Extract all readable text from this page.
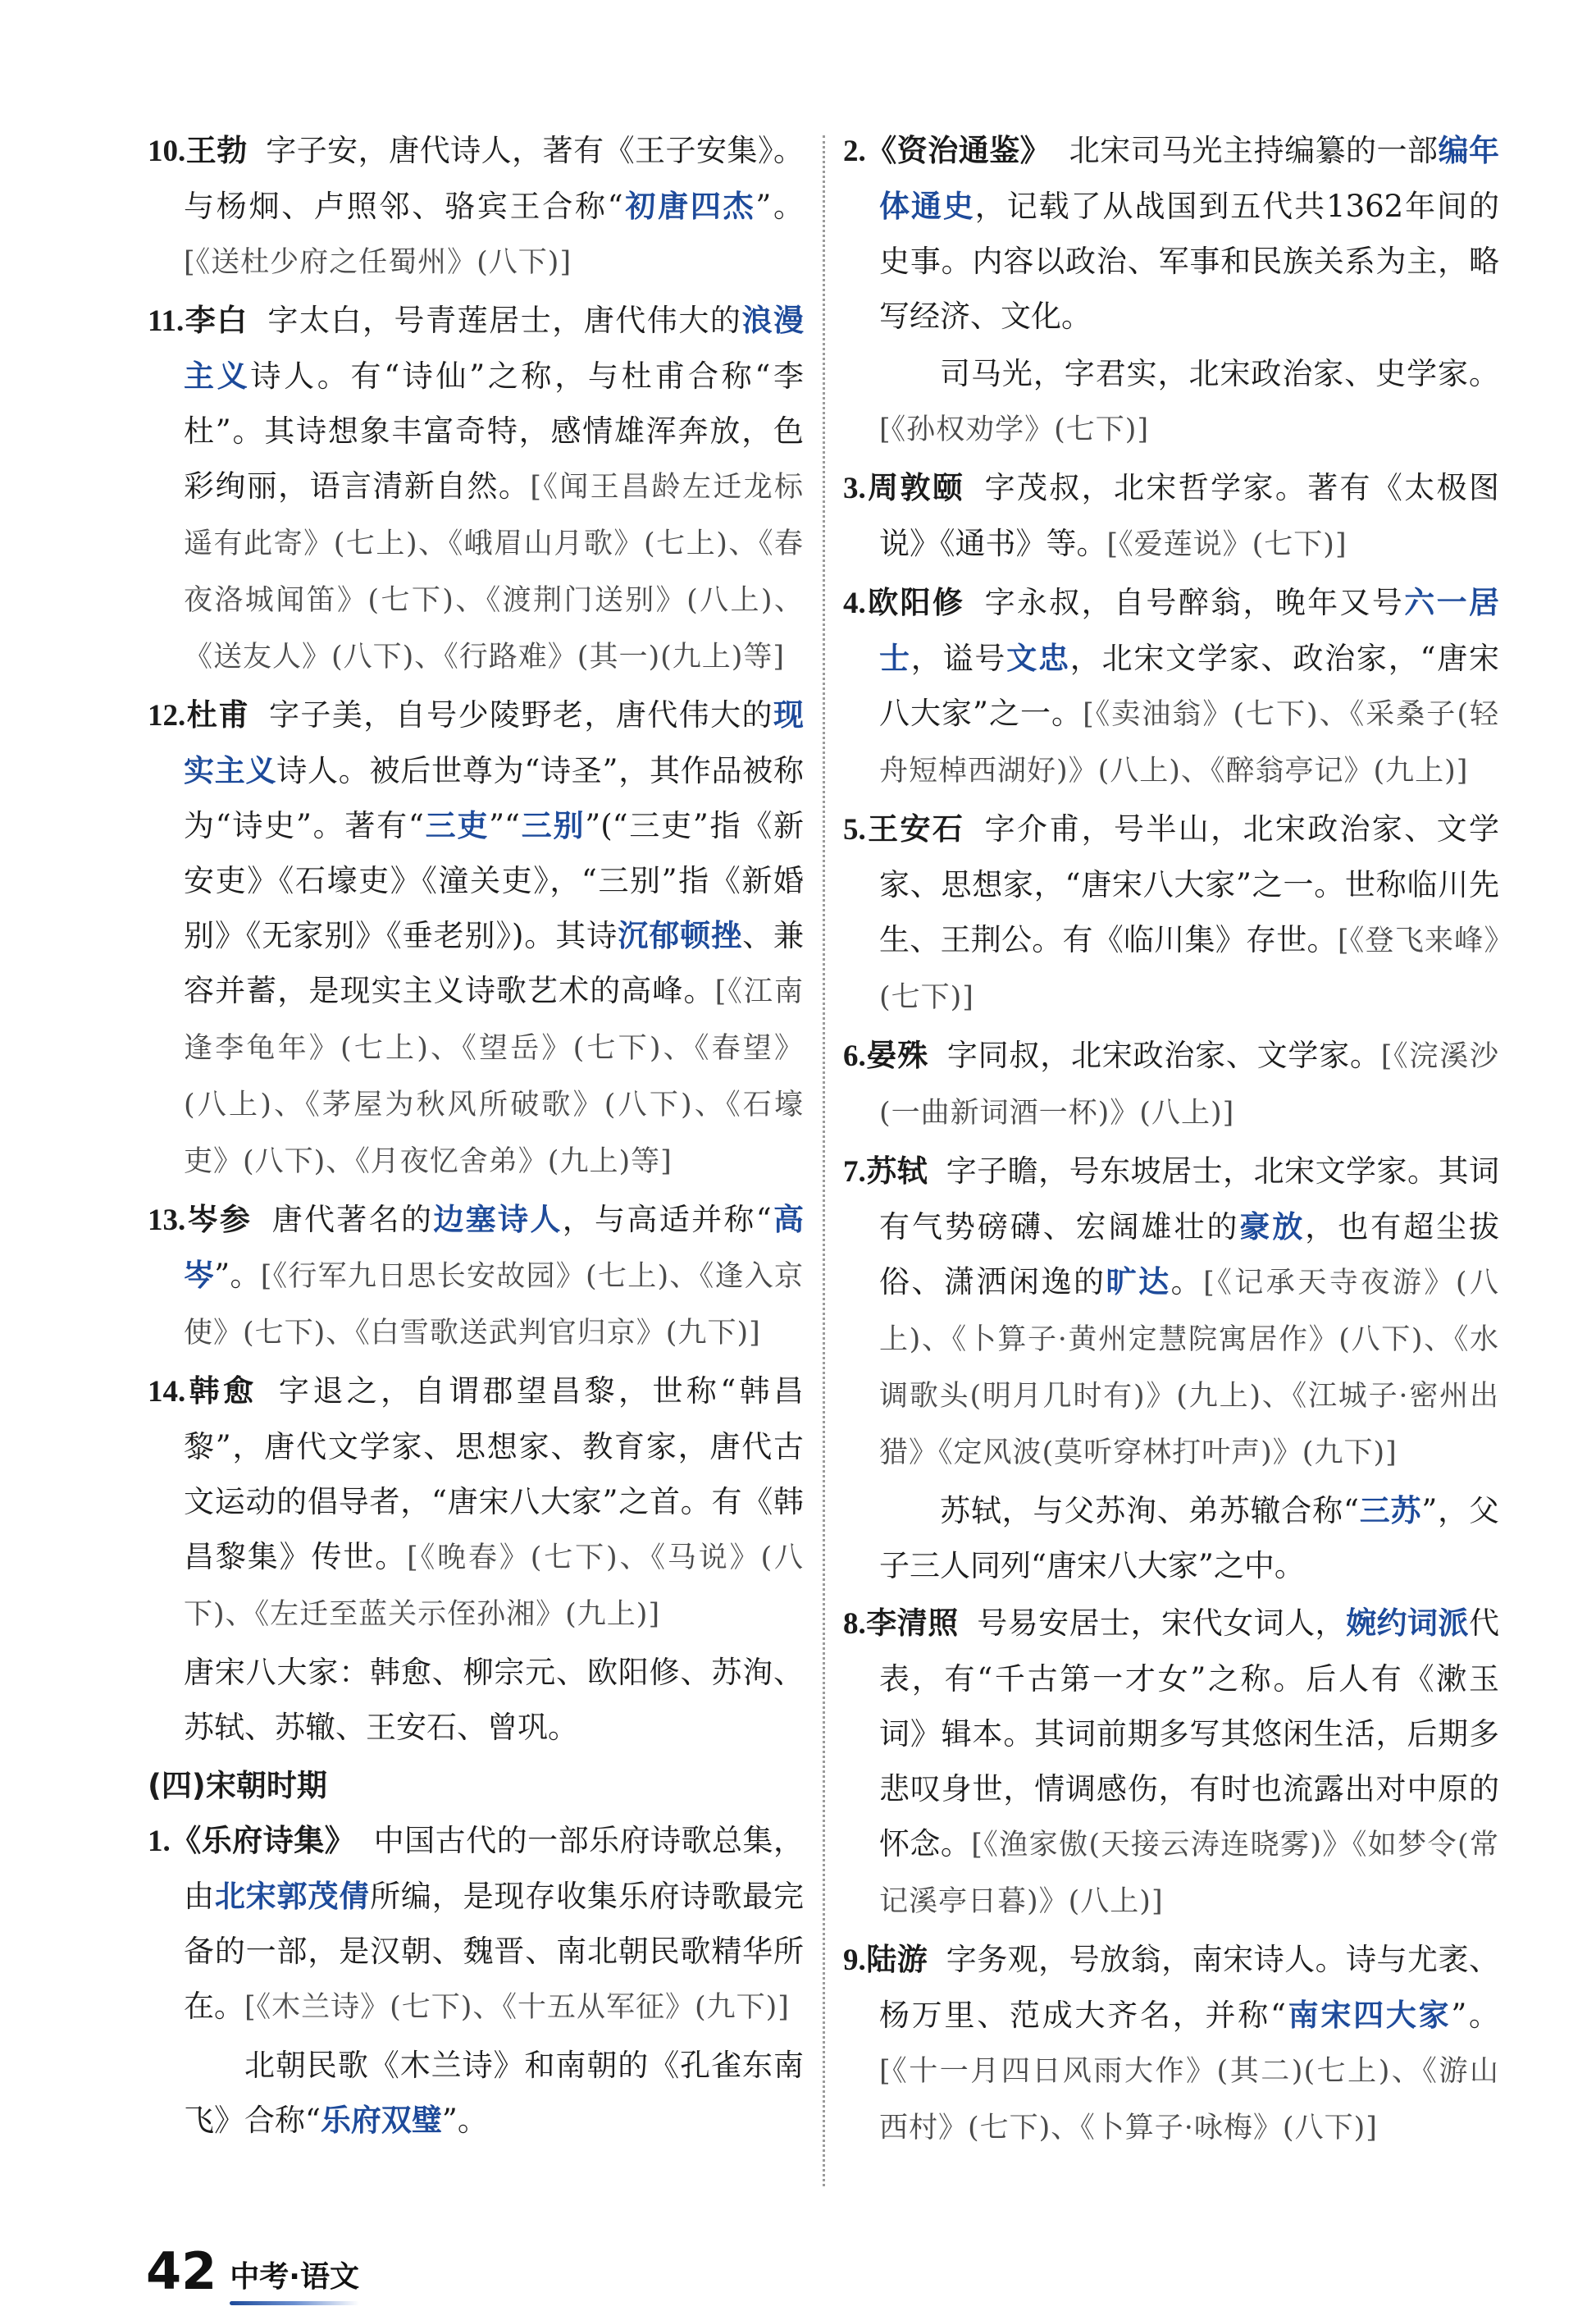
10.王勃 字子安，唐代诗人，著有《王子安集》。与杨炯、卢照邻、骆宾王合称“初唐四杰”。[《送杜少府之任蜀州》(八下)]

11.李白 字太白，号青莲居士，唐代伟大的浪漫主义诗人。有“诗仙”之称，与杜甫合称“李杜”。其诗想象丰富奇特，感情雄浑奔放，色彩绚丽，语言清新自然。[《闻王昌龄左迁龙标遥有此寄》(七上)、《峨眉山月歌》(七上)、《春夜洛城闻笛》(七下)、《渡荆门送别》(八上)、《送友人》(八下)、《行路难》(其一)(九上)等]

12.杜甫 字子美，自号少陵野老，唐代伟大的现实主义诗人。被后世尊为“诗圣”，其作品被称为“诗史”。著有“三吏”“三别”(“三吏”指《新安吏》《石壕吏》《潼关吏》，“三别”指《新婚别》《无家别》《垂老别》)。其诗沉郁顿挫、兼容并蓄，是现实主义诗歌艺术的高峰。[《江南逢李龟年》(七上)、《望岳》(七下)、《春望》(八上)、《茅屋为秋风所破歌》(八下)、《石壕吏》(八下)、《月夜忆舍弟》(九上)等]

13.岑参 唐代著名的边塞诗人，与高适并称“高岑”。[《行军九日思长安故园》(七上)、《逢入京使》(七下)、《白雪歌送武判官归京》(九下)]

14.韩愈 字退之，自谓郡望昌黎，世称“韩昌黎”，唐代文学家、思想家、教育家，唐代古文运动的倡导者，“唐宋八大家”之首。有《韩昌黎集》传世。[《晚春》(七下)、《马说》(八下)、《左迁至蓝关示侄孙湘》(九上)]

唐宋八大家：韩愈、柳宗元、欧阳修、苏洵、苏轼、苏辙、王安石、曾巩。

(四)宋朝时期

1.《乐府诗集》 中国古代的一部乐府诗歌总集，由北宋郭茂倩所编，是现存收集乐府诗歌最完备的一部，是汉朝、魏晋、南北朝民歌精华所在。[《木兰诗》(七下)、《十五从军征》(九下)]

北朝民歌《木兰诗》和南朝的《孔雀东南飞》合称“乐府双璧”。

2.《资治通鉴》 北宋司马光主持编纂的一部编年体通史，记载了从战国到五代共1362年间的史事。内容以政治、军事和民族关系为主，略写经济、文化。

司马光，字君实，北宋政治家、史学家。[《孙权劝学》(七下)]

3.周敦颐 字茂叔，北宋哲学家。著有《太极图说》《通书》等。[《爱莲说》(七下)]

4.欧阳修 字永叔，自号醉翁，晚年又号六一居士，谥号文忠，北宋文学家、政治家，“唐宋八大家”之一。[《卖油翁》(七下)、《采桑子(轻舟短棹西湖好)》(八上)、《醉翁亭记》(九上)]

5.王安石 字介甫，号半山，北宋政治家、文学家、思想家，“唐宋八大家”之一。世称临川先生、王荆公。有《临川集》存世。[《登飞来峰》(七下)]

6.晏殊 字同叔，北宋政治家、文学家。[《浣溪沙(一曲新词酒一杯)》(八上)]

7.苏轼 字子瞻，号东坡居士，北宋文学家。其词有气势磅礴、宏阔雄壮的豪放，也有超尘拔俗、潇洒闲逸的旷达。[《记承天寺夜游》(八上)、《卜算子·黄州定慧院寓居作》(八下)、《水调歌头(明月几时有)》(九上)、《江城子·密州出猎》《定风波(莫听穿林打叶声)》(九下)]

苏轼，与父苏洵、弟苏辙合称“三苏”，父子三人同列“唐宋八大家”之中。

8.李清照 号易安居士，宋代女词人，婉约词派代表，有“千古第一才女”之称。后人有《漱玉词》辑本。其词前期多写其悠闲生活，后期多悲叹身世，情调感伤，有时也流露出对中原的怀念。[《渔家傲(天接云涛连晓雾)》《如梦令(常记溪亭日暮)》(八上)]

9.陆游 字务观，号放翁，南宋诗人。诗与尤袤、杨万里、范成大齐名，并称“南宋四大家”。[《十一月四日风雨大作》(其二)(七上)、《游山西村》(七下)、《卜算子·咏梅》(八下)]

42 中考·语文
